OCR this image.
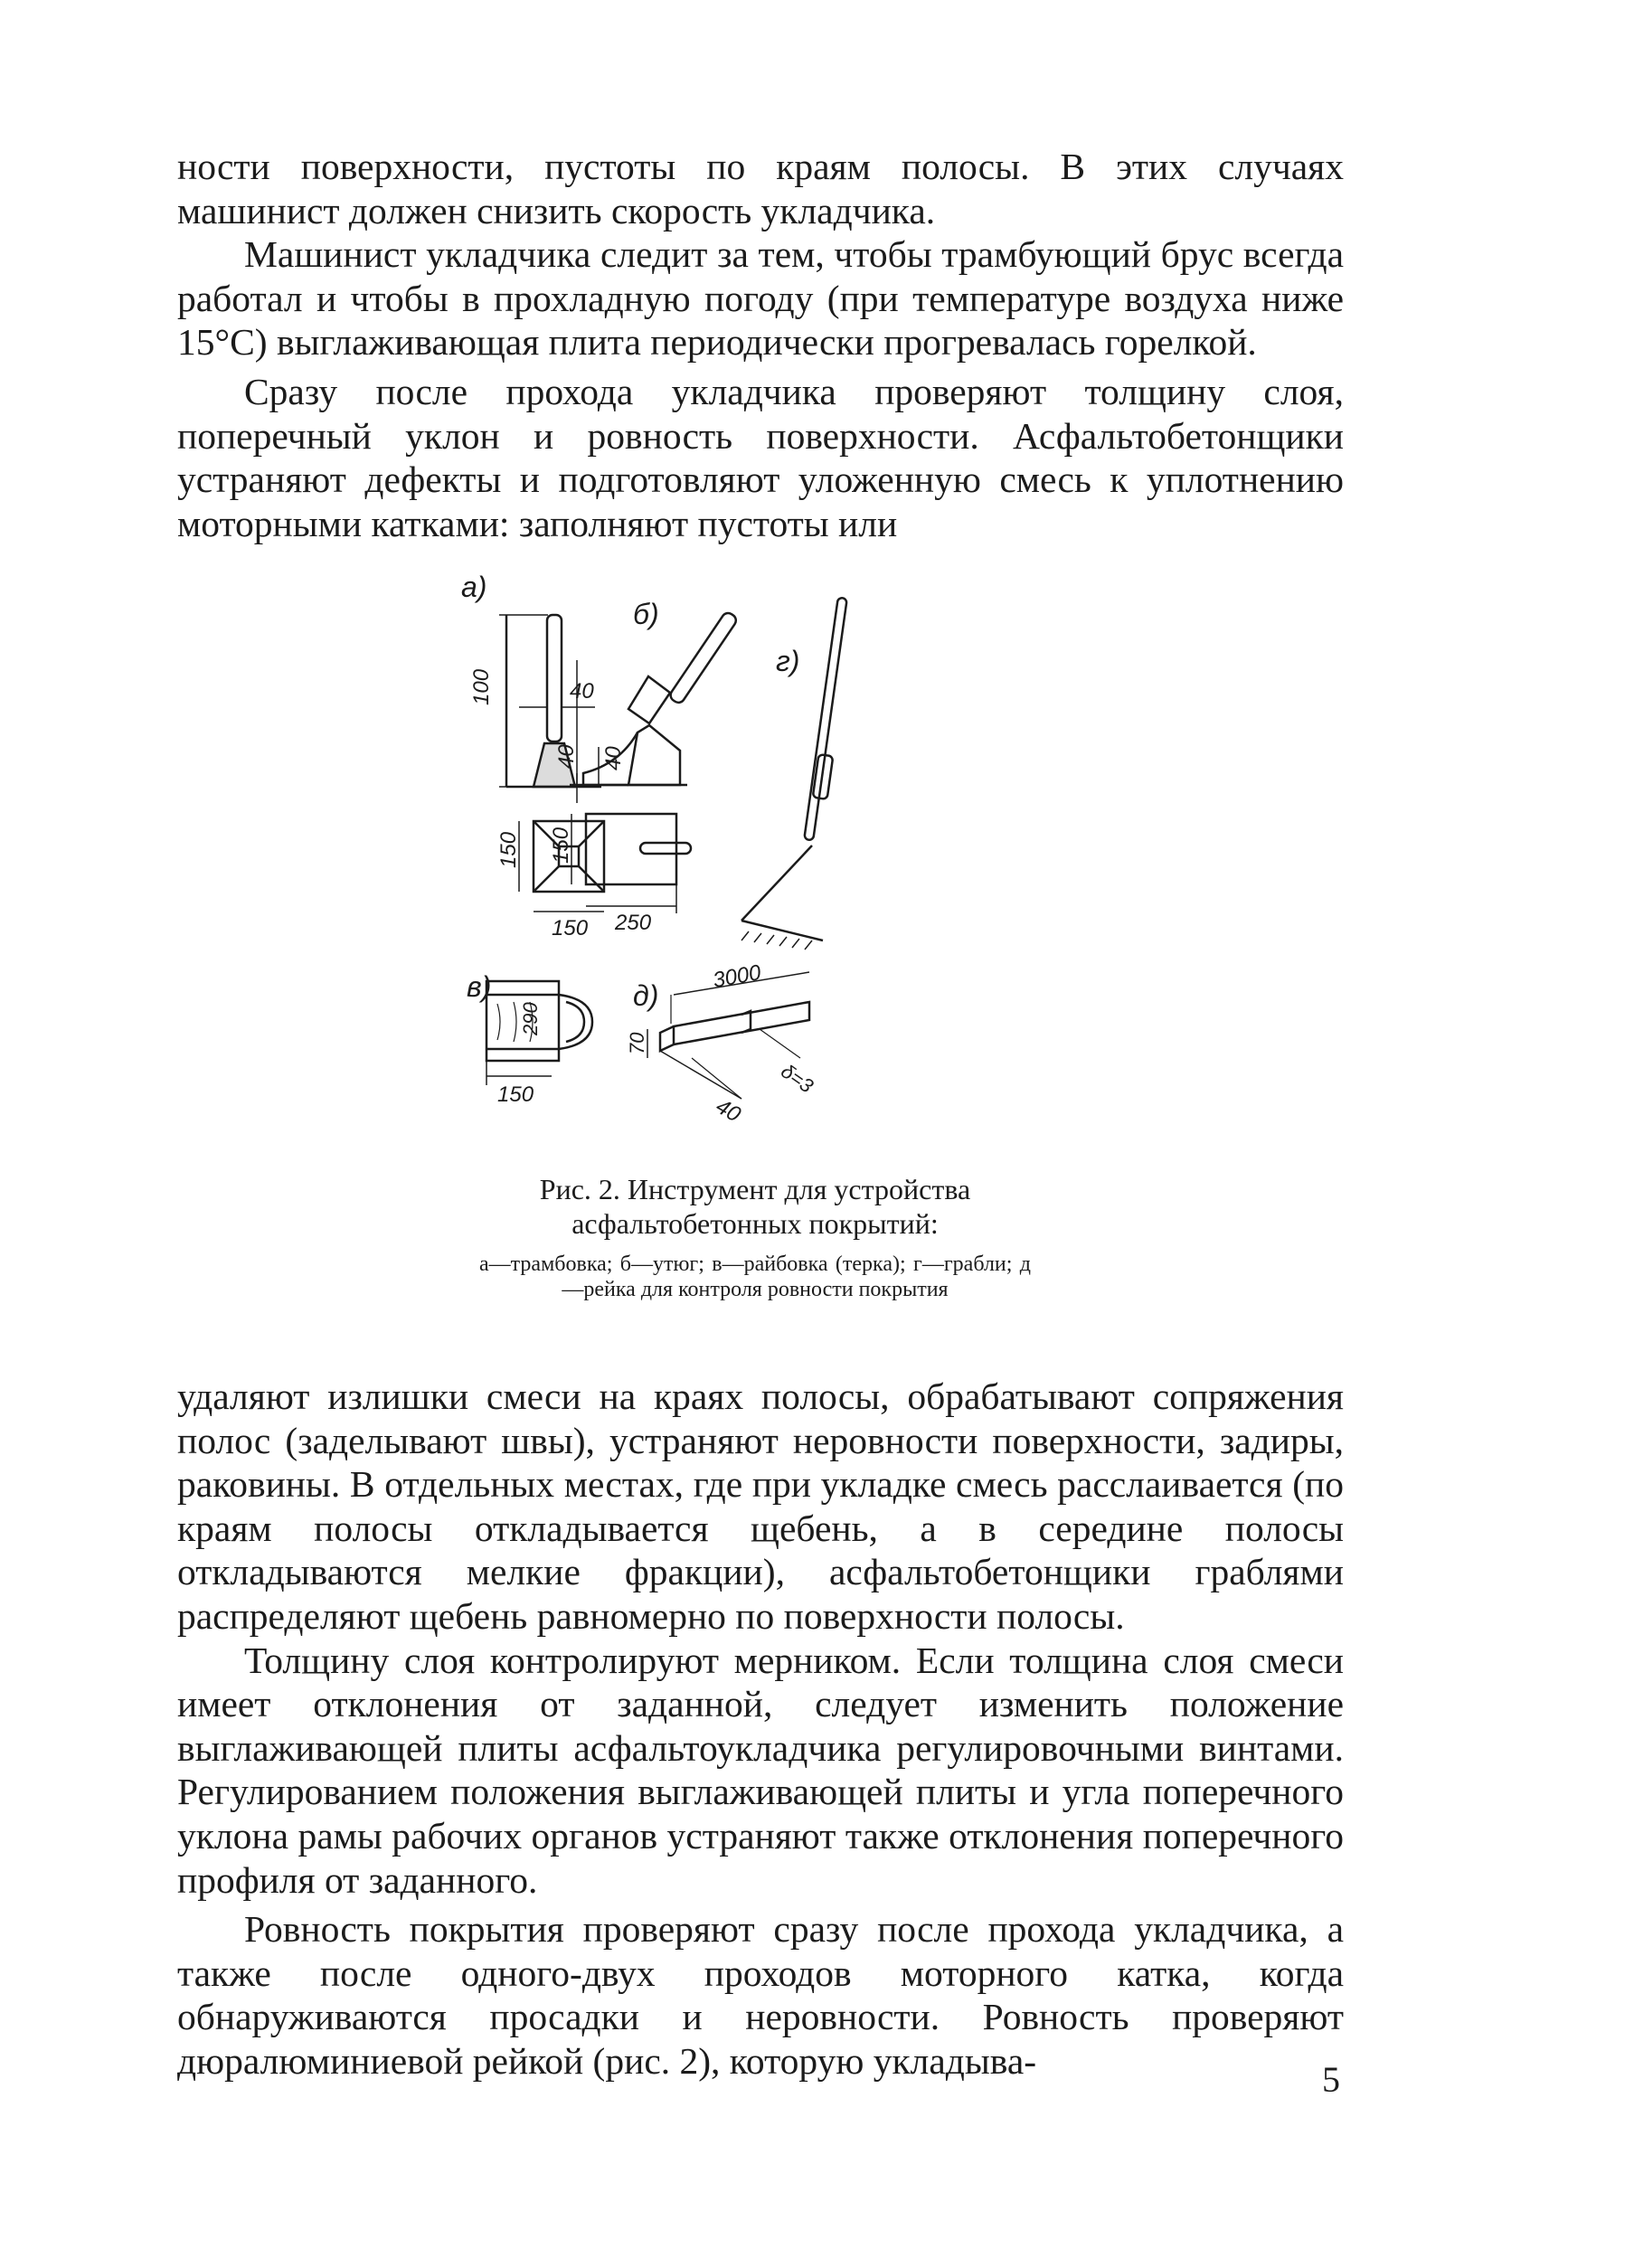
ности поверхности, пустоты по краям полосы. В этих случаях машинист должен снизить скорость укладчика.

Машинист укладчика следит за тем, чтобы трамбующий брус всегда работал и чтобы в прохладную погоду (при температуре воздуха ниже 15°С) выглаживающая плита периодически прогревалась горелкой.

Сразу после прохода укладчика проверяют толщину слоя, поперечный уклон и ровность поверхности. Асфальтобетонщики устраняют дефекты и подготовляют уложенную смесь к уплотнению моторными катками: заполняют пустоты или

а)
б)
г)
в)	д)
100	40
40
150
150
40
150
250
290
150
3000
70
40
δ=3
Рис. 2. Инструмент для устройства асфальтобетонных покрытий:
а—трамбовка; б—утюг; в—райбовка (терка); г—грабли; д—рейка для контроля ровности покрытия

удаляют излишки смеси на краях полосы, обрабатывают сопряжения полос (заделывают швы), устраняют неровности поверхности, задиры, раковины. В отдельных местах, где при укладке смесь расслаивается (по краям полосы откладывается щебень, а в середине полосы откладываются мелкие фракции), асфальтобетонщики граблями распределяют щебень равномерно по поверхности полосы.

Толщину слоя контролируют мерником. Если толщина слоя смеси имеет отклонения от заданной, следует изменить положение выглаживающей плиты асфальтоукладчика регулировочными винтами. Регулированием положения выглаживающей плиты и угла поперечного уклона рамы рабочих органов устраняют также отклонения поперечного профиля от заданного.

Ровность покрытия проверяют сразу после прохода укладчика, а также после одного-двух проходов моторного катка, когда обнаруживаются просадки и неровности. Ровность проверяют дюралюминиевой рейкой (рис. 2), которую укладыва-	5
